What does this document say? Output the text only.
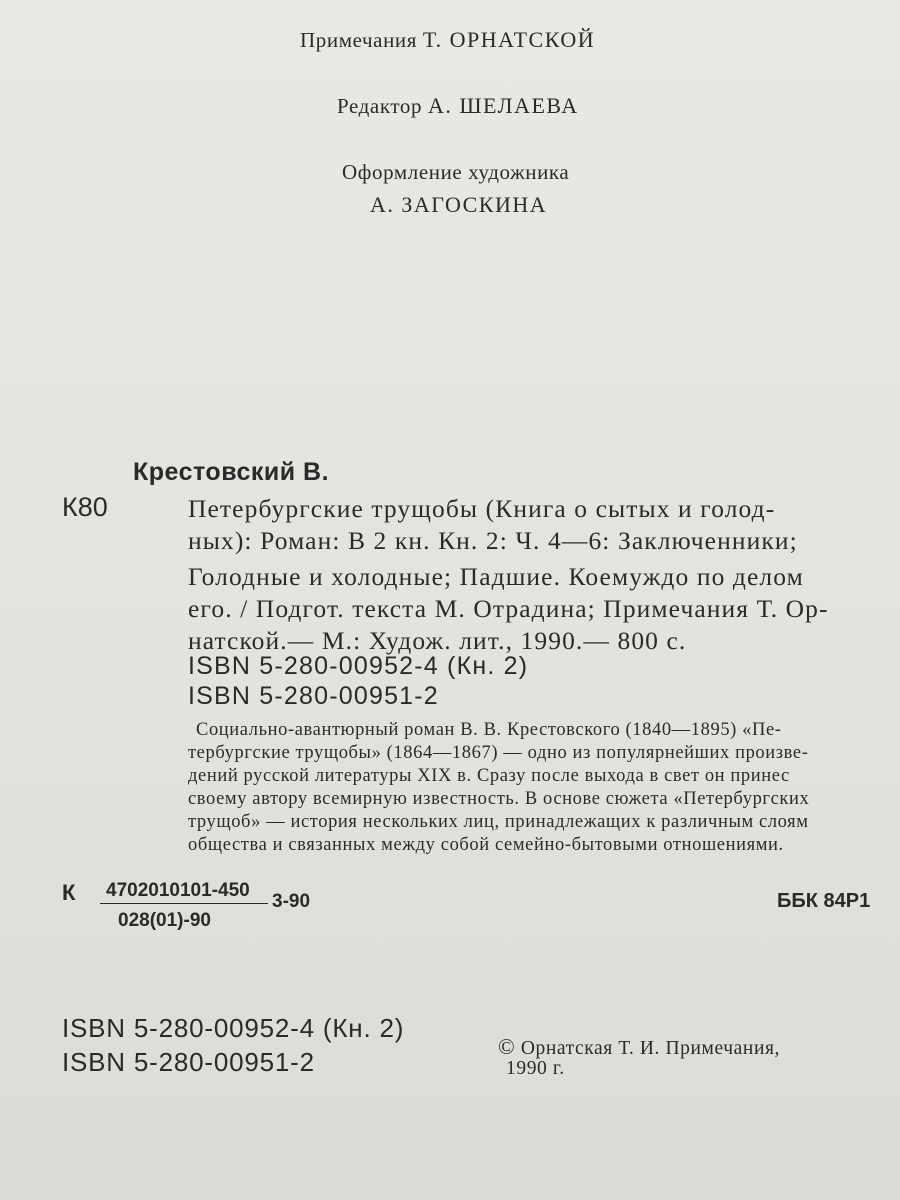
Примечания Т. ОРНАТСКОЙ
Редактор А. ШЕЛАЕВА
Оформление художника
А. ЗАГОСКИНА
Крестовский В.
К80	Петербургские трущобы (Книга о сытых и голод-
ных): Роман: В 2 кн. Кн. 2: Ч. 4—6: Заключенники;
Голодные и холодные; Падшие. Коемуждо по делом
его. / Подгот. текста М. Отрадина; Примечания Т. Ор-
натской.— М.: Худож. лит., 1990.— 800 с.
ISBN 5-280-00952-4 (Кн. 2)
ISBN 5-280-00951-2
Социально-авантюрный роман В. В. Крестовского (1840—1895) «Пе-
тербургские трущобы» (1864—1867) — одно из популярнейших произве-
дений русской литературы XIX в. Сразу после выхода в свет он принес
своему автору всемирную известность. В основе сюжета «Петербургских
трущоб» — история нескольких лиц, принадлежащих к различным слоям
общества и связанных между собой семейно-бытовыми отношениями.
К 4702010101-450
028(01)-90
3-90	ББК 84Р1
ISBN 5-280-00952-4 (Кн. 2)
ISBN 5-280-00951-2
© Орнатская Т. И. Примечания,
1990 г.
